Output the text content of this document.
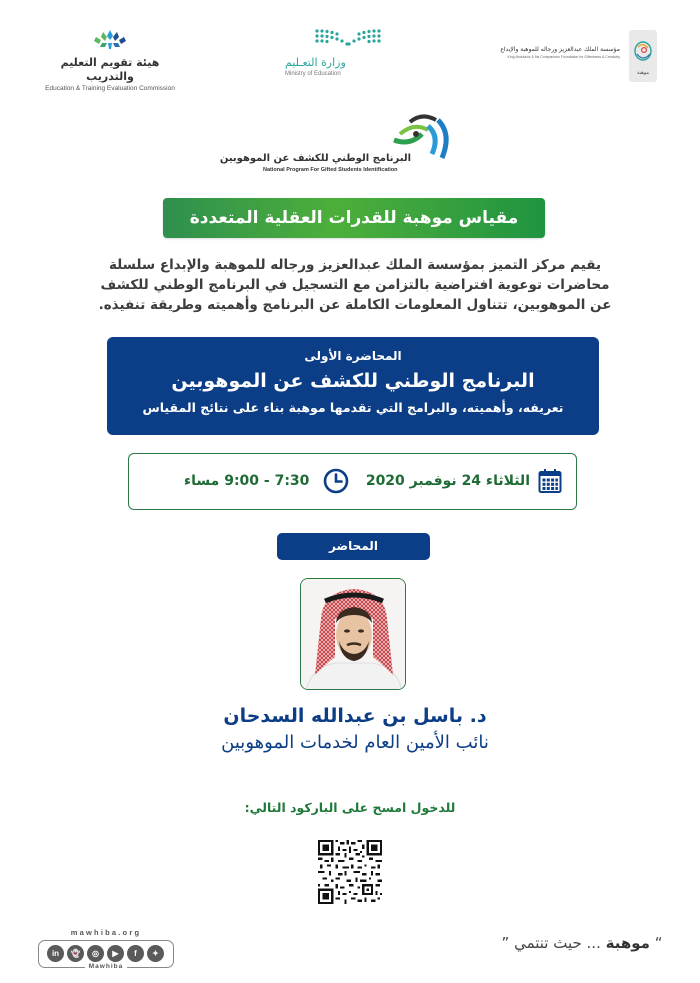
هيئة تقويم التعليم والتدريب
Education & Training Evaluation Commission
وزارة التعـليم
Ministry of Education
مؤسسة الملك عبدالعزيز ورجاله للموهبة والإبداع
King Abdulaziz & his Companions Foundation for Giftedness & Creativity
موهبة
البرنامج الوطني للكشف عن الموهوبين
National Program For Gifted Students Identification
مقياس موهبة للقدرات العقلية المتعددة
يقيم مركز التميز بمؤسسة الملك عبدالعزيز ورجاله للموهبة والإبداع سلسلة محاضرات توعوية افتراضية بالتزامن مع التسجيل في البرنامج الوطني للكشف عن الموهوبين، تتناول المعلومات الكاملة عن البرنامج وأهميته وطريقة تنفيذه.
المحاضرة الأولى
البرنامج الوطني للكشف عن الموهوبين
تعريفه، وأهميته، والبرامج التي تقدمها موهبة بناء على نتائج المقياس
الثلاثاء 24 نوفمبر 2020
7:30 - 9:00 مساء
المحاضر
د. باسل بن عبدالله السدحان
نائب الأمين العام لخدمات الموهوبين
للدخول امسح على الباركود التالي:
mawhiba.org
in	👻	◎	▶	f	✦
Mawhiba
“ موهبة ... حيث تنتمي ”
